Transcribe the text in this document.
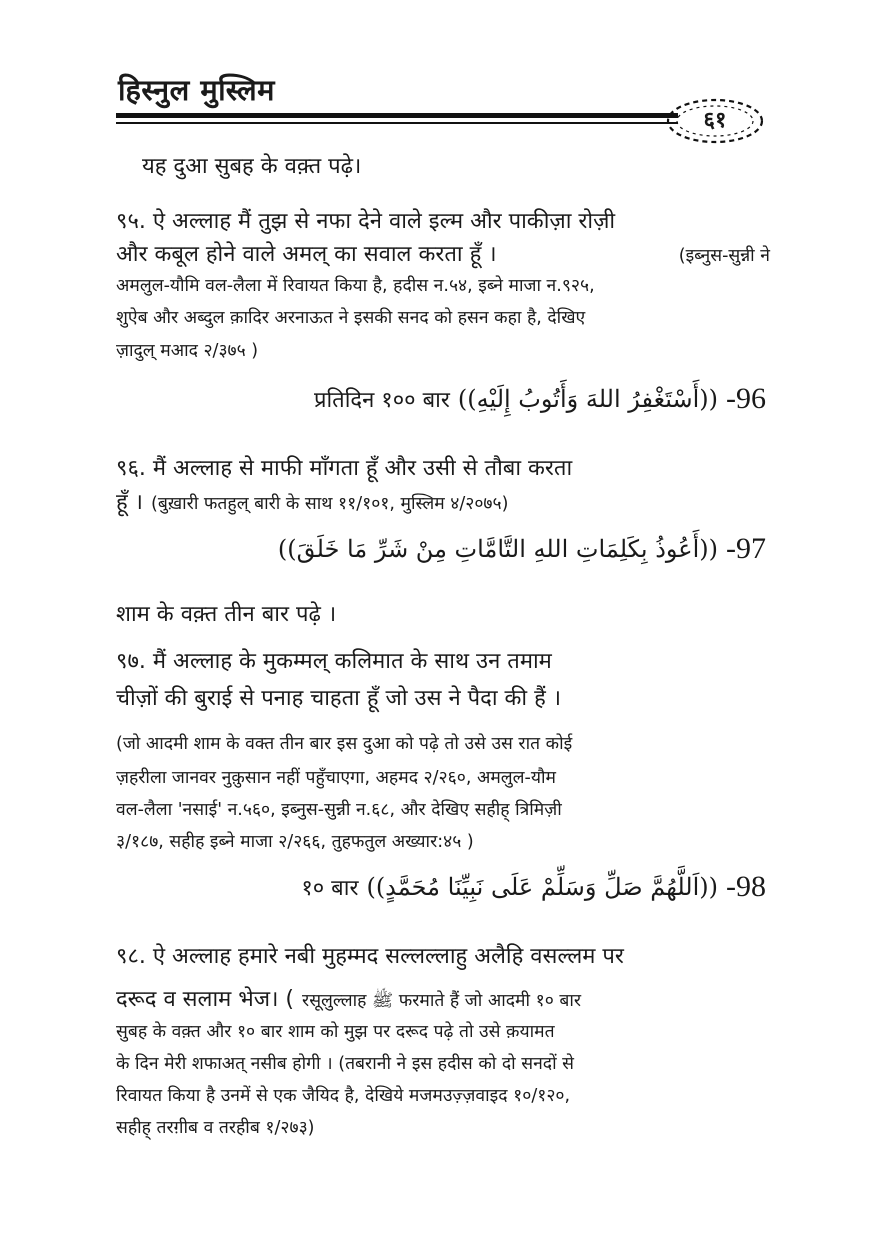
हिस्नुल मुस्लिम
६१
यह दुआ सुबह के वक़्त पढ़े।
९५. ऐ अल्लाह मैं तुझ से नफा देने वाले इल्म और पाकीज़ा रोज़ी
और कबूल होने वाले अमल् का सवाल करता हूँ ।	(इब्नुस-सुन्नी ने
अमलुल-यौमि वल-लैला में रिवायत किया है, हदीस न.५४, इब्ने माजा न.९२५,
शुऐब और अब्दुल क़ादिर अरनाऊत ने इसकी सनद को हसन कहा है, देखिए
ज़ादुल् मआद २/३७५ )
96-
((أَسْتَغْفِرُ اللهَ وَأَتُوبُ إِلَيْهِ))
प्रतिदिन १०० बार
९६. मैं अल्लाह से माफी माँगता हूँ और उसी से तौबा करता
हूँ । (बुख़ारी फतहुल् बारी के साथ ११/१०१, मुस्लिम ४/२०७५)
97-
((أَعُوذُ بِكَلِمَاتِ اللهِ التَّامَّاتِ مِنْ شَرِّ مَا خَلَقَ))
शाम के वक़्त तीन बार पढ़े ।
९७. मैं अल्लाह के मुकम्मल् कलिमात के साथ उन तमाम
चीज़ों की बुराई से पनाह चाहता हूँ जो उस ने पैदा की हैं ।
(जो आदमी शाम के वक्त तीन बार इस दुआ को पढ़े तो उसे उस रात कोई
ज़हरीला जानवर नुक़ुसान नहीं पहुँचाएगा, अहमद २/२६०, अमलुल-यौम
वल-लैला 'नसाई' न.५६०, इब्नुस-सुन्नी न.६८, और देखिए सहीह् त्रिमिज़ी
३/१८७, सहीह इब्ने माजा २/२६६, तुहफतुल अख्यार:४५ )
98-
((اَللَّهُمَّ صَلِّ وَسَلِّمْ عَلَى نَبِيِّنَا مُحَمَّدٍ))
१० बार
९८. ऐ अल्लाह हमारे नबी मुहम्मद सल्लल्लाहु अलैहि वसल्लम पर
दरूद व सलाम भेज। ( रसूलुल्लाह ﷺ फरमाते हैं जो आदमी १० बार
सुबह के वक़्त और १० बार शाम को मुझ पर दरूद पढ़े तो उसे क़यामत
के दिन मेरी शफाअत् नसीब होगी । (तबरानी ने इस हदीस को दो सनदों से
रिवायत किया है उनमें से एक जैयिद है, देखिये मजमउज़्ज़वाइद १०/१२०,
सहीह् तरग़ीब व तरहीब १/२७३)
